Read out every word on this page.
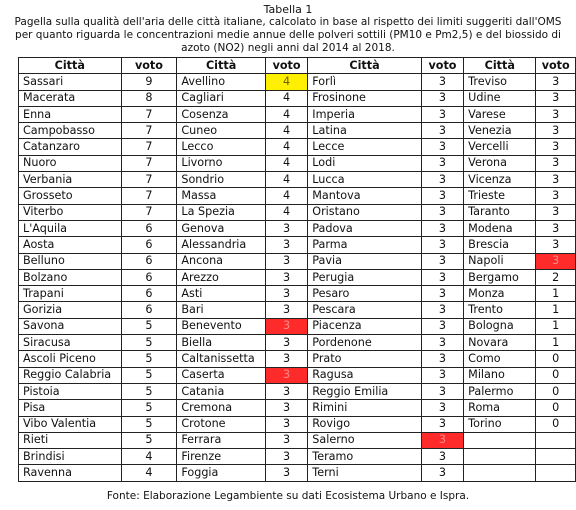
Tabella 1
Pagella sulla qualità dell'aria delle città italiane, calcolato in base al rispetto dei limiti suggeriti dall'OMS per quanto riguarda le concentrazioni medie annue delle polveri sottili (PM10 e Pm2,5) e del biossido di azoto (NO2) negli anni dal 2014 al 2018.
Città	voto	Città	voto	Città	voto	Città	voto
Sassari	9	Avellino	4	Forlì	3	Treviso	3
Macerata	8	Cagliari	4	Frosinone	3	Udine	3
Enna	7	Cosenza	4	Imperia	3	Varese	3
Campobasso	7	Cuneo	4	Latina	3	Venezia	3
Catanzaro	7	Lecco	4	Lecce	3	Vercelli	3
Nuoro	7	Livorno	4	Lodi	3	Verona	3
Verbania	7	Sondrio	4	Lucca	3	Vicenza	3
Grosseto	7	Massa	4	Mantova	3	Trieste	3
Viterbo	7	La Spezia	4	Oristano	3	Taranto	3
L'Aquila	6	Genova	3	Padova	3	Modena	3
Aosta	6	Alessandria	3	Parma	3	Brescia	3
Belluno	6	Ancona	3	Pavia	3	Napoli	3
Bolzano	6	Arezzo	3	Perugia	3	Bergamo	2
Trapani	6	Asti	3	Pesaro	3	Monza	1
Gorizia	6	Bari	3	Pescara	3	Trento	1
Savona	5	Benevento	3	Piacenza	3	Bologna	1
Siracusa	5	Biella	3	Pordenone	3	Novara	1
Ascoli Piceno	5	Caltanissetta	3	Prato	3	Como	0
Reggio Calabria	5	Caserta	3	Ragusa	3	Milano	0
Pistoia	5	Catania	3	Reggio Emilia	3	Palermo	0
Pisa	5	Cremona	3	Rimini	3	Roma	0
Vibo Valentia	5	Crotone	3	Rovigo	3	Torino	0
Rieti	5	Ferrara	3	Salerno	3		
Brindisi	4	Firenze	3	Teramo	3		
Ravenna	4	Foggia	3	Terni	3		
Fonte: Elaborazione Legambiente su dati Ecosistema Urbano e Ispra.
